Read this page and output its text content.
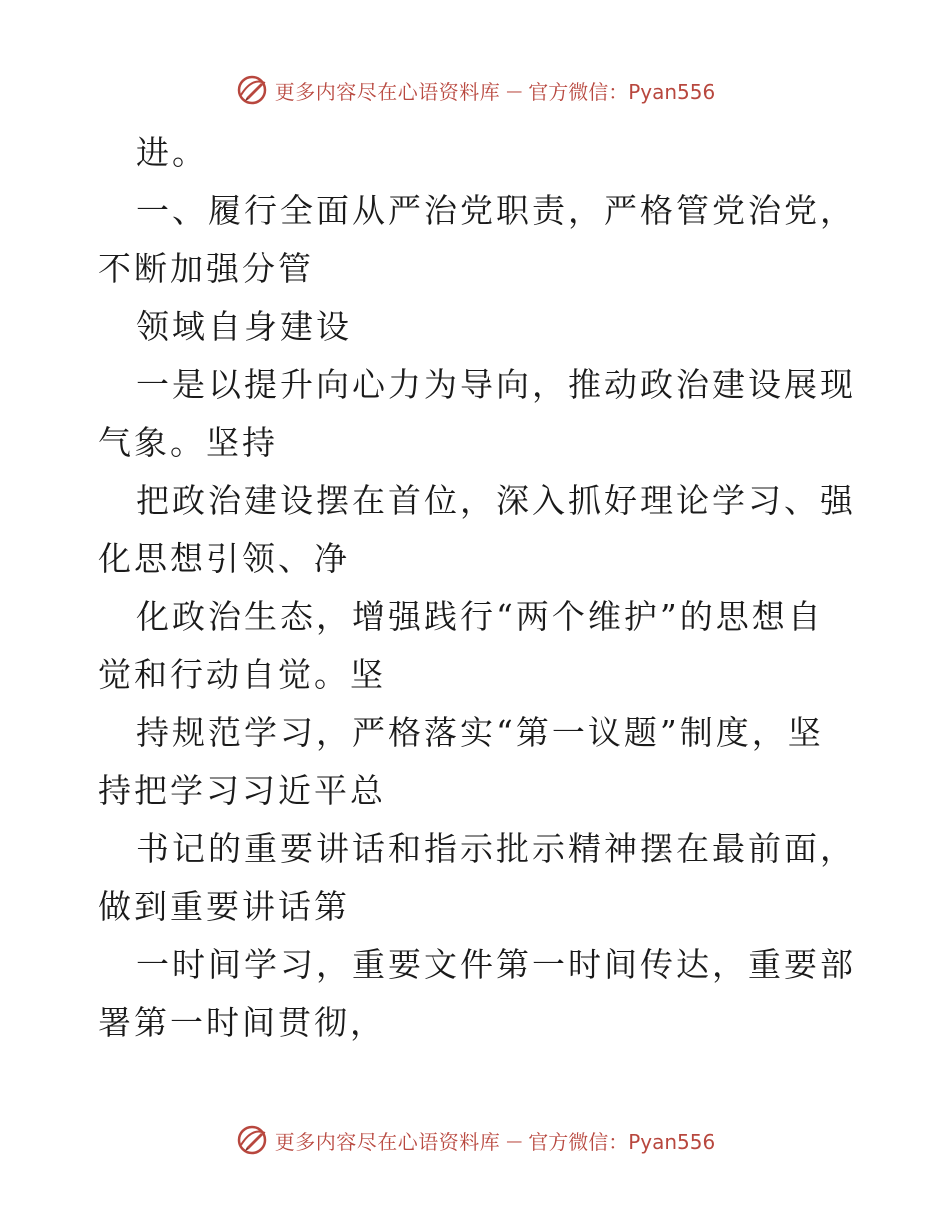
更多内容尽在心语资料库 — 官方微信：Pyan556

进。

一、履行全面从严治党职责，严格管党治党，不断加强分管

领域自身建设

一是以提升向心力为导向，推动政治建设展现气象。坚持

把政治建设摆在首位，深入抓好理论学习、强化思想引领、净

化政治生态，增强践行“两个维护”的思想自觉和行动自觉。坚

持规范学习，严格落实“第一议题”制度，坚持把学习习近平总

书记的重要讲话和指示批示精神摆在最前面，做到重要讲话第

一时间学习，重要文件第一时间传达，重要部署第一时间贯彻，

更多内容尽在心语资料库 — 官方微信：Pyan556
